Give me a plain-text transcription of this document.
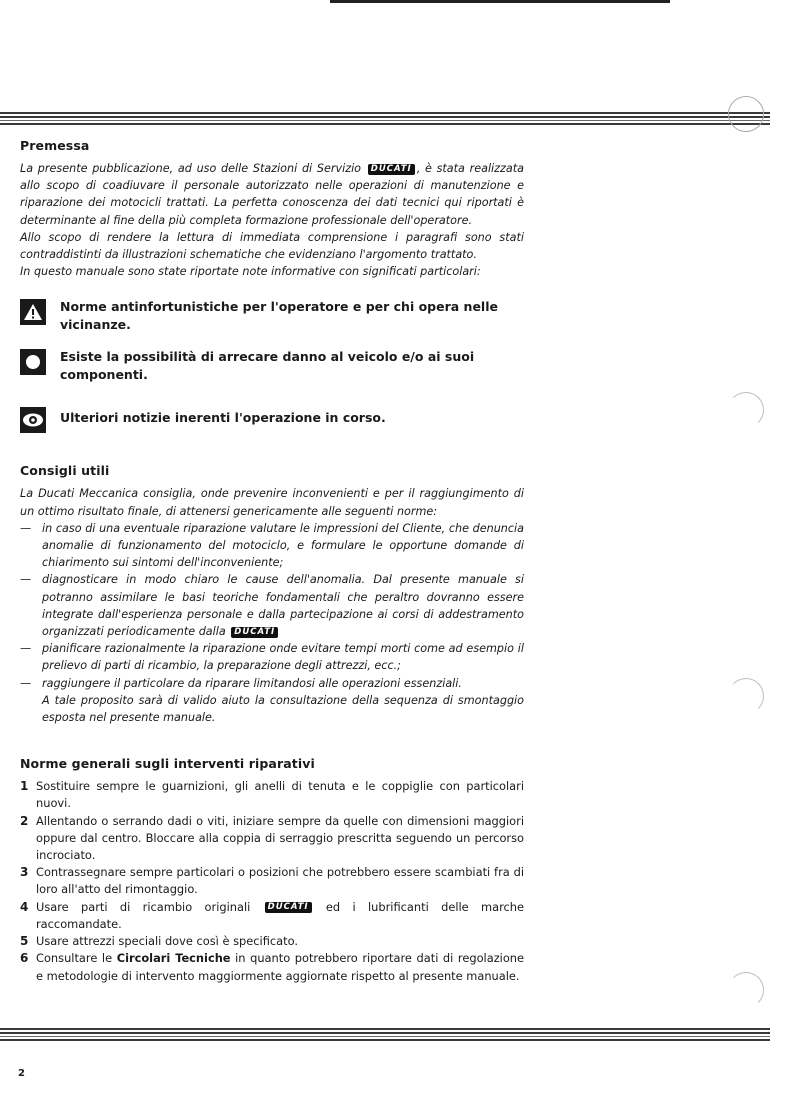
Premessa

La presente pubblicazione, ad uso delle Stazioni di Servizio DUCATI , è stata realizzata allo scopo di coadiuvare il personale autorizzato nelle operazioni di manutenzione e riparazione dei motocicli trattati. La perfetta conoscenza dei dati tecnici qui riportati è determinante al fine della più completa formazione professionale dell'operatore.

Allo scopo di rendere la lettura di immediata comprensione i paragrafi sono stati contraddistinti da illustrazioni schematiche che evidenziano l'argomento trattato.

In questo manuale sono state riportate note informative con significati particolari:

Norme antinfortunistiche per l'operatore e per chi opera nelle vicinanze.
Esiste la possibilità di arrecare danno al veicolo e/o ai suoi componenti.
Ulteriori notizie inerenti l'operazione in corso.
Consigli utili

La Ducati Meccanica consiglia, onde prevenire inconvenienti e per il raggiungimento di un ottimo risultato finale, di attenersi genericamente alle seguenti norme:

— in caso di una eventuale riparazione valutare le impressioni del Cliente, che denuncia anomalie di funzionamento del motociclo, e formulare le opportune domande di chiarimento sui sintomi dell'inconveniente;
— diagnosticare in modo chiaro le cause dell'anomalia. Dal presente manuale si potranno assimilare le basi teoriche fondamentali che peraltro dovranno essere integrate dall'esperienza personale e dalla partecipazione ai corsi di addestramento organizzati periodicamente dalla DUCATI
— pianificare razionalmente la riparazione onde evitare tempi morti come ad esempio il prelievo di parti di ricambio, la preparazione degli attrezzi, ecc.;
— raggiungere il particolare da riparare limitandosi alle operazioni essenziali.
A tale proposito sarà di valido aiuto la consultazione della sequenza di smontaggio esposta nel presente manuale.
Norme generali sugli interventi riparativi
1 Sostituire sempre le guarnizioni, gli anelli di tenuta e le coppiglie con particolari nuovi.
2 Allentando o serrando dadi o viti, iniziare sempre da quelle con dimensioni maggiori oppure dal centro. Bloccare alla coppia di serraggio prescritta seguendo un percorso incrociato.
3 Contrassegnare sempre particolari o posizioni che potrebbero essere scambiati fra di loro all'atto del rimontaggio.
4 Usare parti di ricambio originali DUCATI ed i lubrificanti delle marche raccomandate.
5 Usare attrezzi speciali dove così è specificato.
6 Consultare le Circolari Tecniche in quanto potrebbero riportare dati di regolazione e metodologie di intervento maggiormente aggiornate rispetto al presente manuale.
2
